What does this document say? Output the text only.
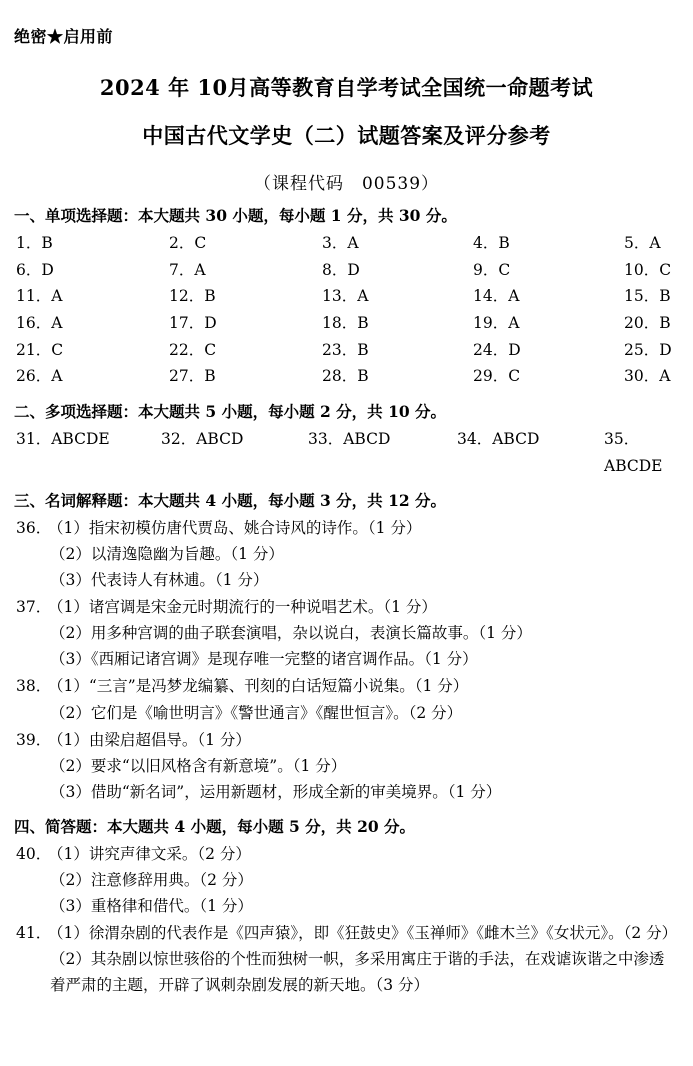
绝密★启用前
2024 年 10月高等教育自学考试全国统一命题考试
中国古代文学史（二）试题答案及评分参考
（课程代码　00539）
一、单项选择题：本大题共 30 小题，每小题 1 分，共 30 分。
1．B	2．C	3．A	4．B	5．A
6．D	7．A	8．D	9．C	10．C
11．A	12．B	13．A	14．A	15．B
16．A	17．D	18．B	19．A	20．B
21．C	22．C	23．B	24．D	25．D
26．A	27．B	28．B	29．C	30．A
二、多项选择题：本大题共 5 小题，每小题 2 分，共 10 分。
31．ABCDE	32．ABCD	33．ABCD	34．ABCD	35．ABCDE
三、名词解释题：本大题共 4 小题，每小题 3 分，共 12 分。
36．
（1）指宋初模仿唐代贾岛、姚合诗风的诗作。（1 分）
（2）以清逸隐幽为旨趣。（1 分）
（3）代表诗人有林逋。（1 分）
37．
（1）诸宫调是宋金元时期流行的一种说唱艺术。（1 分）
（2）用多种宫调的曲子联套演唱，杂以说白，表演长篇故事。（1 分）
（3）《西厢记诸宫调》是现存唯一完整的诸宫调作品。（1 分）
38．
（1）“三言”是冯梦龙编纂、刊刻的白话短篇小说集。（1 分）
（2）它们是《喻世明言》《警世通言》《醒世恒言》。（2 分）
39．
（1）由梁启超倡导。（1 分）
（2）要求“以旧风格含有新意境”。（1 分）
（3）借助“新名词”，运用新题材，形成全新的审美境界。（1 分）
四、简答题：本大题共 4 小题，每小题 5 分，共 20 分。
40．
（1）讲究声律文采。（2 分）
（2）注意修辞用典。（2 分）
（3）重格律和借代。（1 分）
41．
（1）徐渭杂剧的代表作是《四声猿》，即《狂鼓史》《玉禅师》《雌木兰》《女状元》。（2 分）
（2）其杂剧以惊世骇俗的个性而独树一帜，多采用寓庄于谐的手法，在戏谑诙谐之中渗透着严肃的主题，开辟了讽刺杂剧发展的新天地。（3 分）
